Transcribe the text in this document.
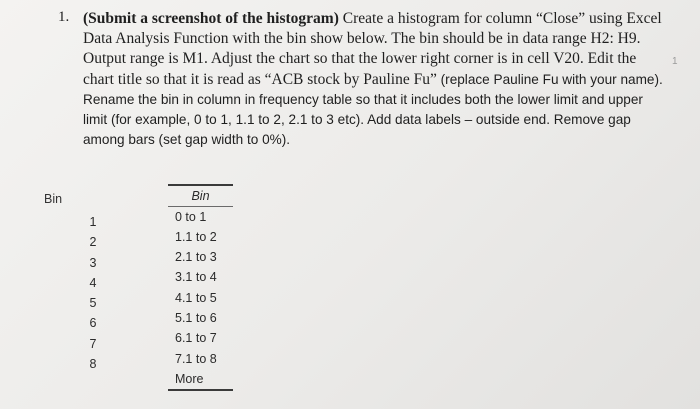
1. (Submit a screenshot of the histogram) Create a histogram for column “Close” using Excel Data Analysis Function with the bin show below. The bin should be in data range H2: H9. Output range is M1. Adjust the chart so that the lower right corner is in cell V20. Edit the chart title so that it is read as “ACB stock by Pauline Fu” (replace Pauline Fu with your name). Rename the bin in column in frequency table so that it includes both the lower limit and upper limit (for example, 0 to 1, 1.1 to 2, 2.1 to 3 etc). Add data labels – outside end. Remove gap among bars (set gap width to 0%).
1
Bin
1
2
3
4
5
6
7
8
Bin
0 to 1
1.1 to 2
2.1 to 3
3.1 to 4
4.1 to 5
5.1 to 6
6.1 to 7
7.1 to 8
More
